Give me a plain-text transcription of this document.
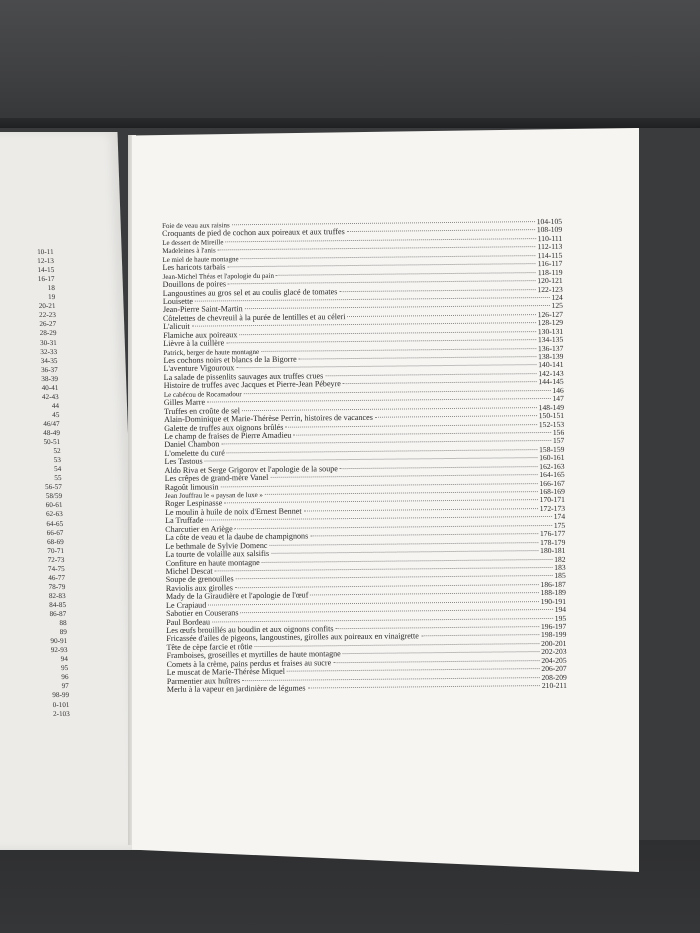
10-11
12-13
14-15
16-17
18
19
20-21
22-23
26-27
28-29
30-31
32-33
34-35
36-37
38-39
40-41
42-43
44
45
46/47
48-49
50-51
52
53
54
55
56-57
58/59
60-61
62-63
64-65
66-67
68-69
70-71
72-73
74-75
46-77
78-79
82-83
84-85
86-87
88
89
90-91
92-93
94
95
96
97
98-99
0-101
2-103
Foie de veau aux raisins	104-105
Croquants de pied de cochon aux poireaux et aux truffes	108-109
Le dessert de Mireille	110-111
Madeleines à l'anis	112-113
Le miel de haute montagne	114-115
Les haricots tarbais	116-117
Jean-Michel Théas et l'apologie du pain	118-119
Douillons de poires	120-121
Langoustines au gros sel et au coulis glacé de tomates	122-123
Louisette	124
Jean-Pierre Saint-Martin	125
Côtelettes de chevreuil à la purée de lentilles et au céleri	126-127
L'alicuit	128-129
Flamiche aux poireaux	130-131
Lièvre à la cuillère	134-135
Patrick, berger de haute montagne	136-137
Les cochons noirs et blancs de la Bigorre	138-139
L'aventure Vigouroux	140-141
La salade de pissenlits sauvages aux truffes crues	142-143
Histoire de truffes avec Jacques et Pierre-Jean Pébeyre	144-145
Le cabécou de Rocamadour	146
Gilles Marre	147
Truffes en croûte de sel	148-149
Alain-Dominique et Marie-Thérèse Perrin, histoires de vacances	150-151
Galette de truffes aux oignons brûlés	152-153
Le champ de fraises de Pierre Amadieu	156
Daniel Chambon	157
L'omelette du curé	158-159
Les Tastous	160-161
Aldo Riva et Serge Grigorov et l'apologie de la soupe	162-163
Les crêpes de grand-mère Vanel	164-165
Ragoût limousin	166-167
Jean Jouffrau le « paysan de luxe »	168-169
Roger Lespinasse	170-171
Le moulin à huile de noix d'Ernest Bennet	172-173
La Truffade	174
Charcutier en Ariège	175
La côte de veau et la daube de champignons	176-177
Le bethmale de Sylvie Domenc	178-179
La tourte de volaille aux salsifis	180-181
Confiture en haute montagne	182
Michel Descat	183
Soupe de grenouilles	185
Raviolis aux girolles	186-187
Mady de la Giraudière et l'apologie de l'œuf	188-189
Le Crapiaud	190-191
Sabotier en Couserans	194
Paul Bordeau	195
Les œufs brouillés au boudin et aux oignons confits	196-197
Fricassée d'ailes de pigeons, langoustines, girolles aux poireaux en vinaigrette	198-199
Tête de cèpe farcie et rôtie	200-201
Framboises, groseilles et myrtilles de haute montagne	202-203
Comets à la crème, pains perdus et fraises au sucre	204-205
Le muscat de Marie-Thérèse Miquel	206-207
Parmentier aux huîtres	208-209
Merlu à la vapeur en jardinière de légumes	210-211
